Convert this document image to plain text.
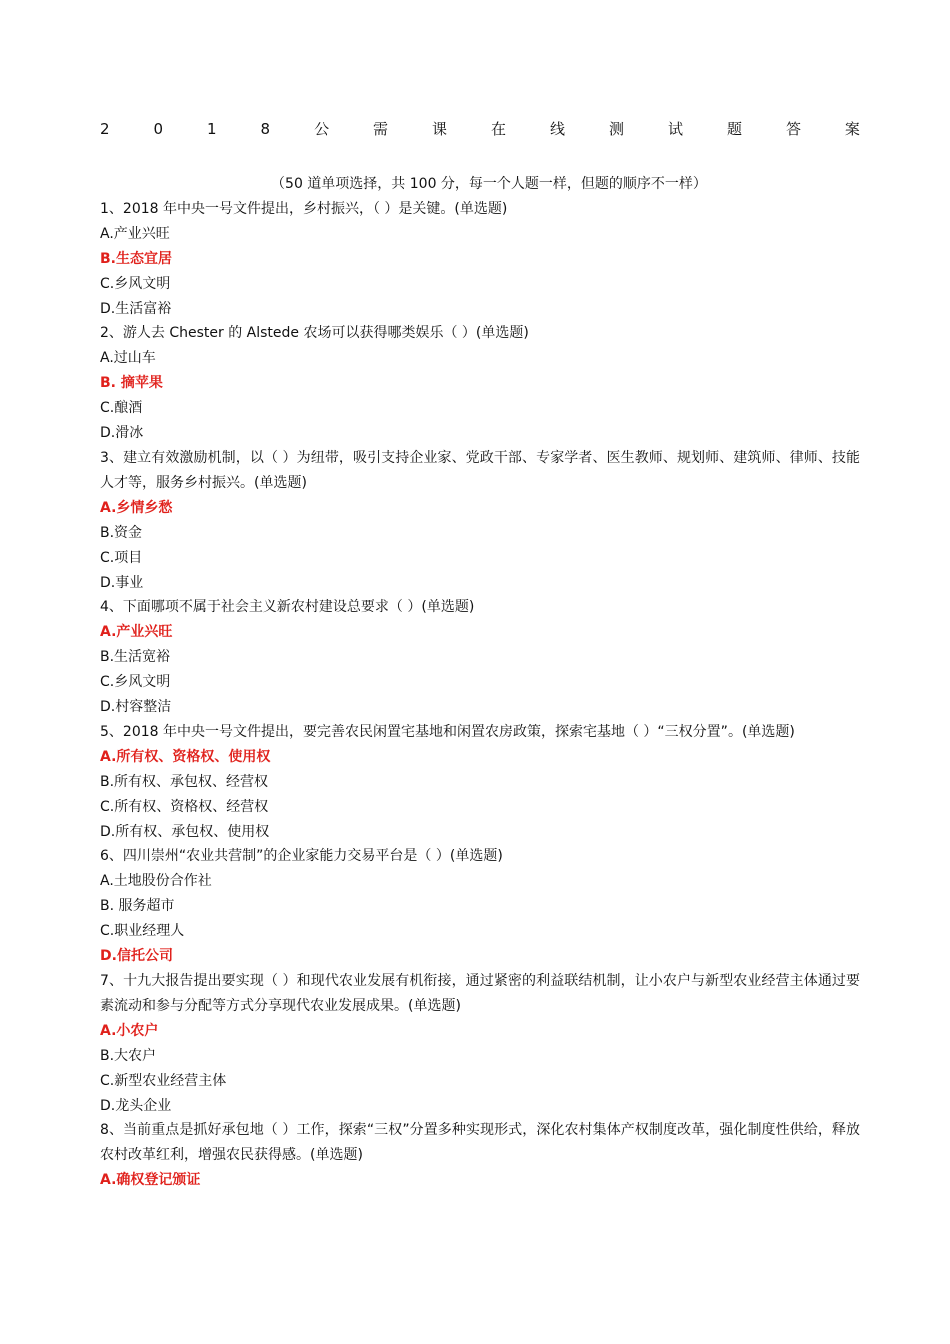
2	0	1	8	公	需	课	在	线	测	试	题	答	案
（50 道单项选择，共 100 分，每一个人题一样，但题的顺序不一样）
1、2018 年中央一号文件提出，乡村振兴，（ ）是关键。(单选题)
A.产业兴旺
B.生态宜居
C.乡风文明
D.生活富裕
2、游人去 Chester 的 Alstede 农场可以获得哪类娱乐（ ）(单选题)
A.过山车
B. 摘苹果
C.酿酒
D.滑冰
3、建立有效激励机制，以（ ）为纽带，吸引支持企业家、党政干部、专家学者、医生教师、规划师、建筑师、律师、技能人才等，服务乡村振兴。(单选题)
A.乡情乡愁
B.资金
C.项目
D.事业
4、下面哪项不属于社会主义新农村建设总要求（ ）(单选题)
A.产业兴旺
B.生活宽裕
C.乡风文明
D.村容整洁
5、2018 年中央一号文件提出，要完善农民闲置宅基地和闲置农房政策，探索宅基地（ ）“三权分置”。(单选题)
A.所有权、资格权、使用权
B.所有权、承包权、经营权
C.所有权、资格权、经营权
D.所有权、承包权、使用权
6、四川崇州“农业共营制”的企业家能力交易平台是（ ）(单选题)
A.土地股份合作社
B. 服务超市
C.职业经理人
D.信托公司
7、十九大报告提出要实现（ ）和现代农业发展有机衔接，通过紧密的利益联结机制，让小农户与新型农业经营主体通过要素流动和参与分配等方式分享现代农业发展成果。(单选题)
A.小农户
B.大农户
C.新型农业经营主体
D.龙头企业
8、当前重点是抓好承包地（ ）工作，探索“三权”分置多种实现形式，深化农村集体产权制度改革，强化制度性供给，释放农村改革红利，增强农民获得感。(单选题)
A.确权登记颁证
